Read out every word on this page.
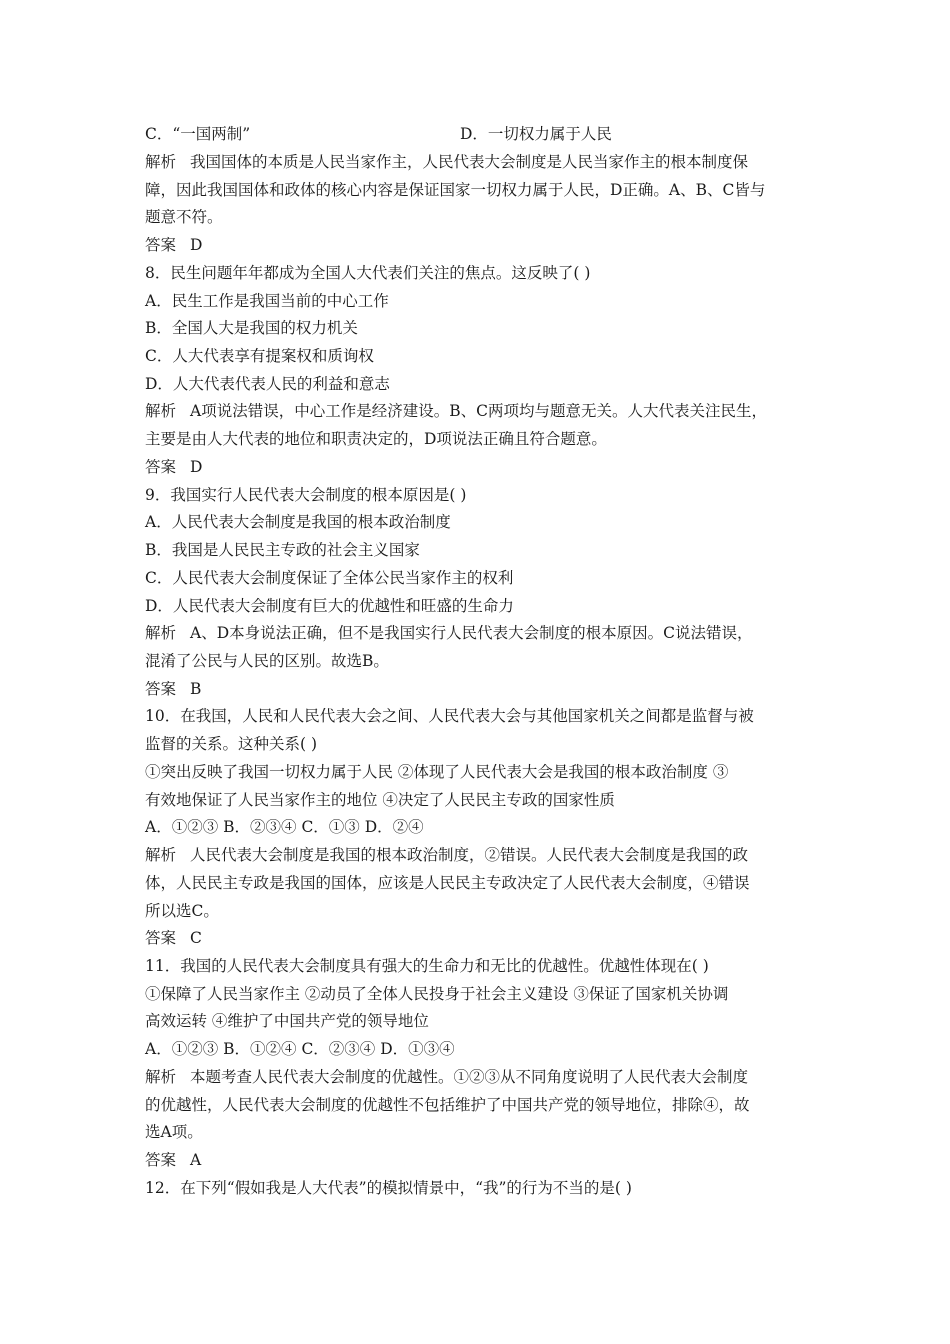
C．“一国两制”	D．一切权力属于人民
解析 我国国体的本质是人民当家作主，人民代表大会制度是人民当家作主的根本制度保
障，因此我国国体和政体的核心内容是保证国家一切权力属于人民，D正确。A、B、C皆与
题意不符。
答案 D
8．民生问题年年都成为全国人大代表们关注的焦点。这反映了( )
A．民生工作是我国当前的中心工作
B．全国人大是我国的权力机关
C．人大代表享有提案权和质询权
D．人大代表代表人民的利益和意志
解析 A项说法错误，中心工作是经济建设。B、C两项均与题意无关。人大代表关注民生，
主要是由人大代表的地位和职责决定的，D项说法正确且符合题意。
答案 D
9．我国实行人民代表大会制度的根本原因是( )
A．人民代表大会制度是我国的根本政治制度
B．我国是人民民主专政的社会主义国家
C．人民代表大会制度保证了全体公民当家作主的权利
D．人民代表大会制度有巨大的优越性和旺盛的生命力
解析 A、D本身说法正确，但不是我国实行人民代表大会制度的根本原因。C说法错误，
混淆了公民与人民的区别。故选B。
答案 B
10．在我国，人民和人民代表大会之间、人民代表大会与其他国家机关之间都是监督与被
监督的关系。这种关系( )
①突出反映了我国一切权力属于人民 ②体现了人民代表大会是我国的根本政治制度 ③
有效地保证了人民当家作主的地位 ④决定了人民民主专政的国家性质
A．①②③ B．②③④ C．①③ D．②④
解析 人民代表大会制度是我国的根本政治制度，②错误。人民代表大会制度是我国的政
体，人民民主专政是我国的国体，应该是人民民主专政决定了人民代表大会制度，④错误
所以选C。
答案 C
11．我国的人民代表大会制度具有强大的生命力和无比的优越性。优越性体现在( )
①保障了人民当家作主 ②动员了全体人民投身于社会主义建设 ③保证了国家机关协调
高效运转 ④维护了中国共产党的领导地位
A．①②③ B．①②④ C．②③④ D．①③④
解析 本题考查人民代表大会制度的优越性。①②③从不同角度说明了人民代表大会制度
的优越性，人民代表大会制度的优越性不包括维护了中国共产党的领导地位，排除④，故
选A项。
答案 A
12．在下列“假如我是人大代表”的模拟情景中，“我”的行为不当的是( )
